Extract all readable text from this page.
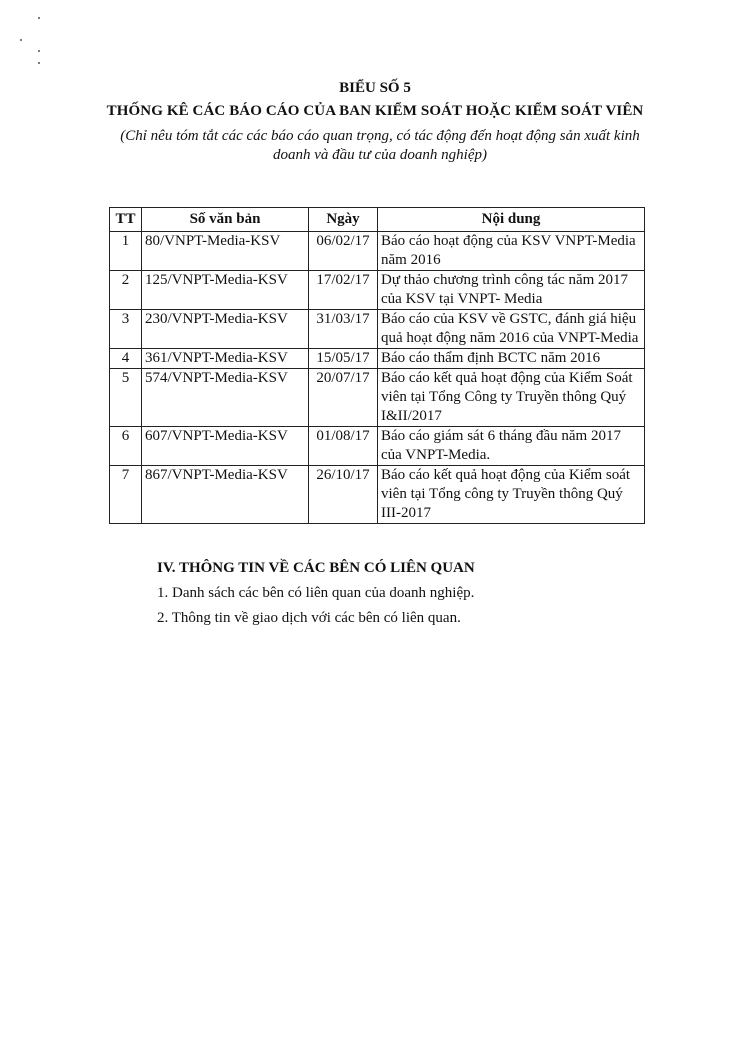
BIỂU SỐ 5
THỐNG KÊ CÁC BÁO CÁO CỦA BAN KIỂM SOÁT HOẶC KIỂM SOÁT VIÊN
(Chỉ nêu tóm tắt các các báo cáo quan trọng, có tác động đến hoạt động sản xuất kinh doanh và đầu tư của doanh nghiệp)
TT	Số văn bản	Ngày	Nội dung
1	80/VNPT-Media-KSV	06/02/17	Báo cáo hoạt động của KSV VNPT-Media năm 2016
2	125/VNPT-Media-KSV	17/02/17	Dự thảo chương trình công tác năm 2017 của KSV tại VNPT- Media
3	230/VNPT-Media-KSV	31/03/17	Báo cáo của KSV về GSTC, đánh giá hiệu quả hoạt động năm 2016 của VNPT-Media
4	361/VNPT-Media-KSV	15/05/17	Báo cáo thẩm định BCTC năm 2016
5	574/VNPT-Media-KSV	20/07/17	Báo cáo kết quả hoạt động của Kiểm Soát viên tại Tổng Công ty Truyền thông Quý I&II/2017
6	607/VNPT-Media-KSV	01/08/17	Báo cáo giám sát 6 tháng đầu năm 2017 của VNPT-Media.
7	867/VNPT-Media-KSV	26/10/17	Báo cáo kết quả hoạt động của Kiểm soát viên tại Tổng công ty Truyền thông Quý III-2017
IV. THÔNG TIN VỀ CÁC BÊN CÓ LIÊN QUAN
1. Danh sách các bên có liên quan của doanh nghiệp.
2. Thông tin về giao dịch với các bên có liên quan.
